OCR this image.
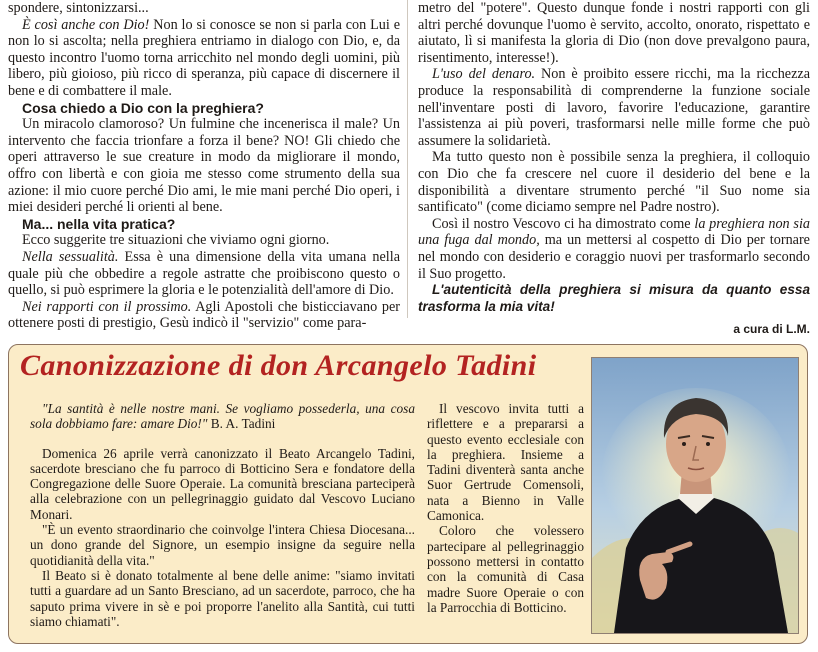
spondere, sintonizzarsi...

È così anche con Dio! Non lo si conosce se non si parla con Lui e non lo si ascolta; nella preghiera entriamo in dialogo con Dio, e, da questo incontro l'uomo torna arricchito nel mondo degli uomini, più libero, più gioioso, più ricco di speranza, più capace di discernere il bene e di combattere il male.

Cosa chiedo a Dio con la preghiera?

Un miracolo clamoroso? Un fulmine che incenerisca il male? Un intervento che faccia trionfare a forza il bene? NO! Gli chiedo che operi attraverso le sue creature in modo da migliorare il mondo, offro con libertà e con gioia me stesso come strumento della sua azione: il mio cuore perché Dio ami, le mie mani perché Dio operi, i miei desideri perché li orienti al bene.

Ma... nella vita pratica?

Ecco suggerite tre situazioni che viviamo ogni giorno.

Nella sessualità. Essa è una dimensione della vita umana nella quale più che obbedire a regole astratte che proibiscono questo o quello, si può esprimere la gloria e le potenzialità dell'amore di Dio.

Nei rapporti con il prossimo. Agli Apostoli che bisticciavano per ottenere posti di prestigio, Gesù indicò il "servizio" come para-

metro del "potere". Questo dunque fonde i nostri rapporti con gli altri perché dovunque l'uomo è servito, accolto, onorato, rispettato e aiutato, lì si manifesta la gloria di Dio (non dove prevalgono paura, risentimento, interesse!).

L'uso del denaro. Non è proibito essere ricchi, ma la ricchezza produce la responsabilità di comprenderne la funzione sociale nell'inventare posti di lavoro, favorire l'educazione, garantire l'assistenza ai più poveri, trasformarsi nelle mille forme che può assumere la solidarietà.

Ma tutto questo non è possibile senza la preghiera, il colloquio con Dio che fa crescere nel cuore il desiderio del bene e la disponibilità a diventare strumento perché "il Suo nome sia santificato" (come diciamo sempre nel Padre nostro).

Così il nostro Vescovo ci ha dimostrato come la preghiera non sia una fuga dal mondo, ma un mettersi al cospetto di Dio per tornare nel mondo con desiderio e coraggio nuovi per trasformarlo secondo il Suo progetto.

L'autenticità della preghiera si misura da quanto essa trasforma la mia vita!

a cura di L.M.

Canonizzazione di don Arcangelo Tadini

"La santità è nelle nostre mani. Se vogliamo possederla, una cosa sola dobbiamo fare: amare Dio!" B. A. Tadini

Domenica 26 aprile verrà canonizzato il Beato Arcangelo Tadini, sacerdote bresciano che fu parroco di Botticino Sera e fondatore della Congregazione delle Suore Operaie. La comunità bresciana parteciperà alla celebrazione con un pellegrinaggio guidato dal Vescovo Luciano Monari.

"È un evento straordinario che coinvolge l'intera Chiesa Diocesana... un dono grande del Signore, un esempio insigne da seguire nella quotidianità della vita."

Il Beato si è donato totalmente al bene delle anime: "siamo invitati tutti a guardare ad un Santo Bresciano, ad un sacerdote, parroco, che ha saputo prima vivere in sè e poi proporre l'anelito alla Santità, cui tutti siamo chiamati".

Il vescovo invita tutti a riflettere e a prepararsi a questo evento ecclesiale con la preghiera. Insieme a Tadini diventerà santa anche Suor Gertrude Comensoli, nata a Bienno in Valle Camonica.

Coloro che volessero partecipare al pellegrinaggio possono mettersi in contatto con la comunità di Casa madre Suore Operaie o con la Parrocchia di Botticino.
